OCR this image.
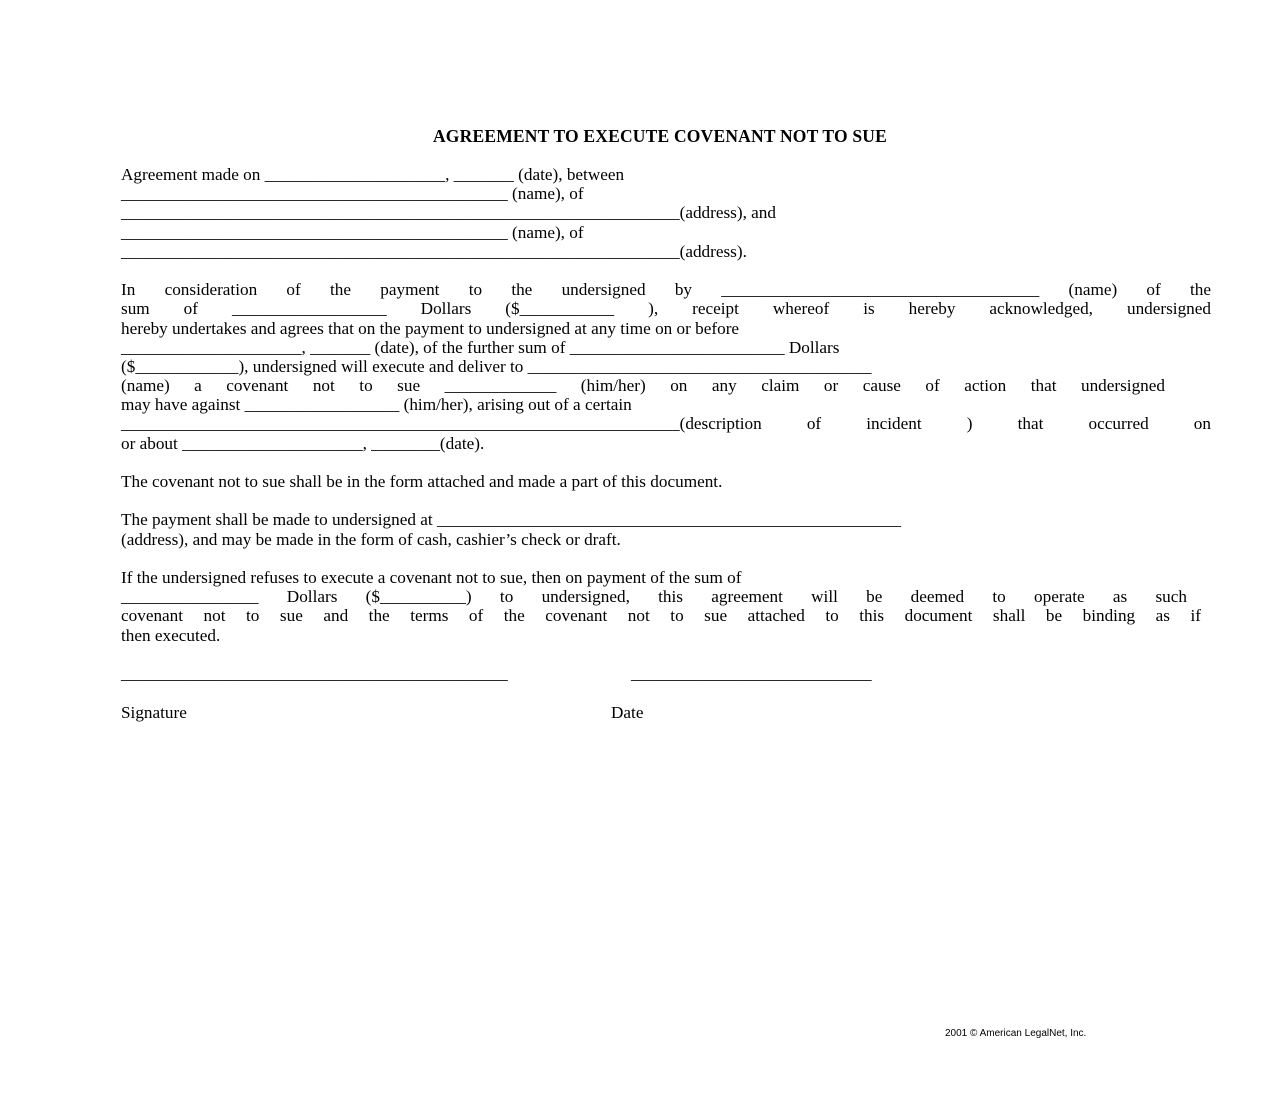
AGREEMENT TO EXECUTE COVENANT NOT TO SUE
Agreement made on _____________________, _______ (date), between
_____________________________________________ (name), of
_________________________________________________________________(address), and
_____________________________________________ (name), of
_________________________________________________________________(address).
In consideration of the payment to the undersigned by _____________________________________ (name) of the
sum of __________________ Dollars ($___________ ), receipt whereof is hereby acknowledged, undersigned
hereby undertakes and agrees that on the payment to undersigned at any time on or before
_____________________, _______ (date), of the further sum of _________________________ Dollars
($____________), undersigned will execute and deliver to ________________________________________
(name) a covenant not to sue _____________ (him/her) on any claim or cause of action that undersigned
may have against __________________ (him/her), arising out of a certain
_________________________________________________________________(description of incident ) that occurred on
or about _____________________, ________(date).
The covenant not to sue shall be in the form attached and made a part of this document.
The payment shall be made to undersigned at ______________________________________________________
(address), and may be made in the form of cash, cashier’s check or draft.
If the undersigned refuses to execute a covenant not to sue, then on payment of the sum of
________________ Dollars ($__________) to undersigned, this agreement will be deemed to operate as such
covenant not to sue and the terms of the covenant not to sue attached to this document shall be binding as if
then executed.

_____________________________________________

	____________________________

Signature	Date
2001 © American LegalNet, Inc.
